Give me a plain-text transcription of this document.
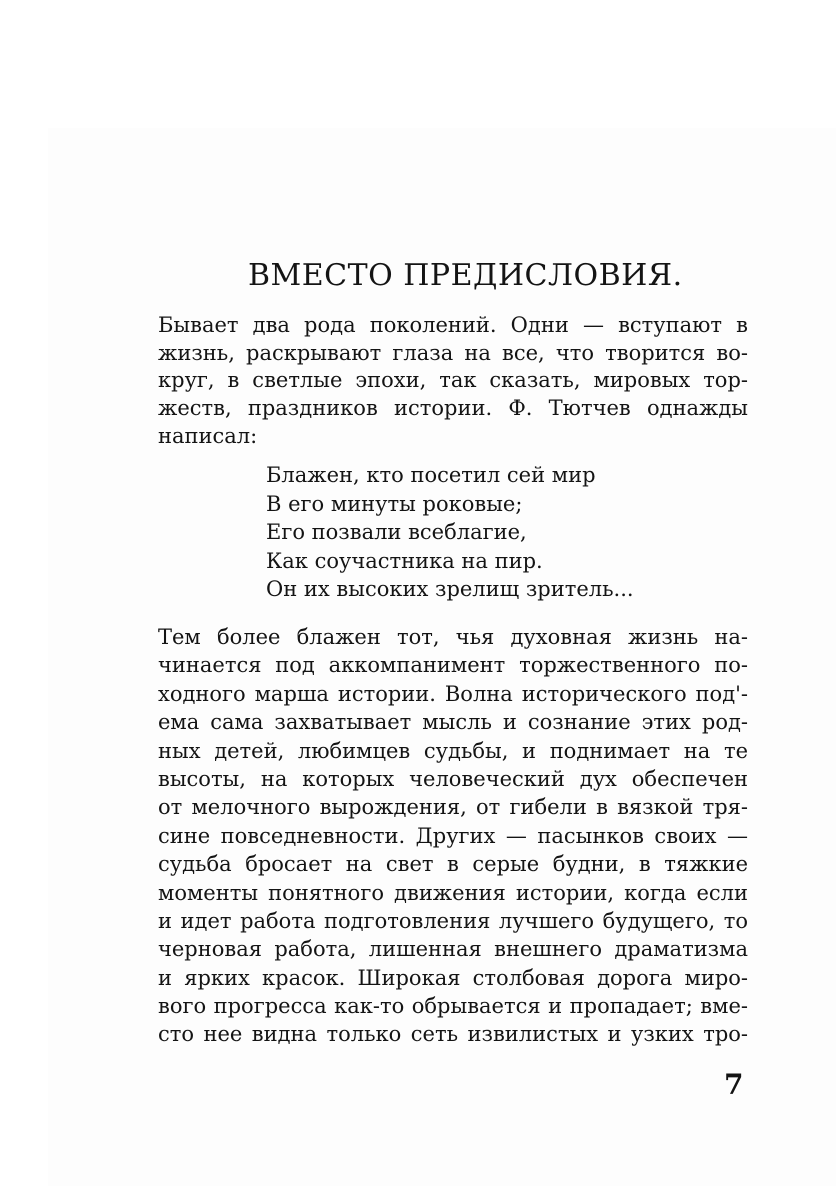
ВМЕСТО ПРЕДИСЛОВИЯ.

Бывает два рода поколений. Одни — вступают в
жизнь, раскрывают глаза на все, что творится во-
круг, в светлые эпохи, так сказать, мировых тор-
жеств, праздников истории. Ф. Тютчев однажды
написал:

Блажен, кто посетил сей мир
В его минуты роковые;
Его позвали всеблагие,
Как соучастника на пир.
Он их высоких зрелищ зритель...

Тем более блажен тот, чья духовная жизнь на-
чинается под аккомпанимент торжественного по-
ходного марша истории. Волна исторического под'-
ема сама захватывает мысль и сознание этих род-
ных детей, любимцев судьбы, и поднимает на те
высоты, на которых человеческий дух обеспечен
от мелочного вырождения, от гибели в вязкой тря-
сине повседневности. Других — пасынков своих —
судьба бросает на свет в серые будни, в тяжкие
моменты понятного движения истории, когда если
и идет работа подготовления лучшего будущего, то
черновая работа, лишенная внешнего драматизма
и ярких красок. Широкая столбовая дорога миро-
вого прогресса как-то обрывается и пропадает; вме-
сто нее видна только сеть извилистых и узких тро-

7
